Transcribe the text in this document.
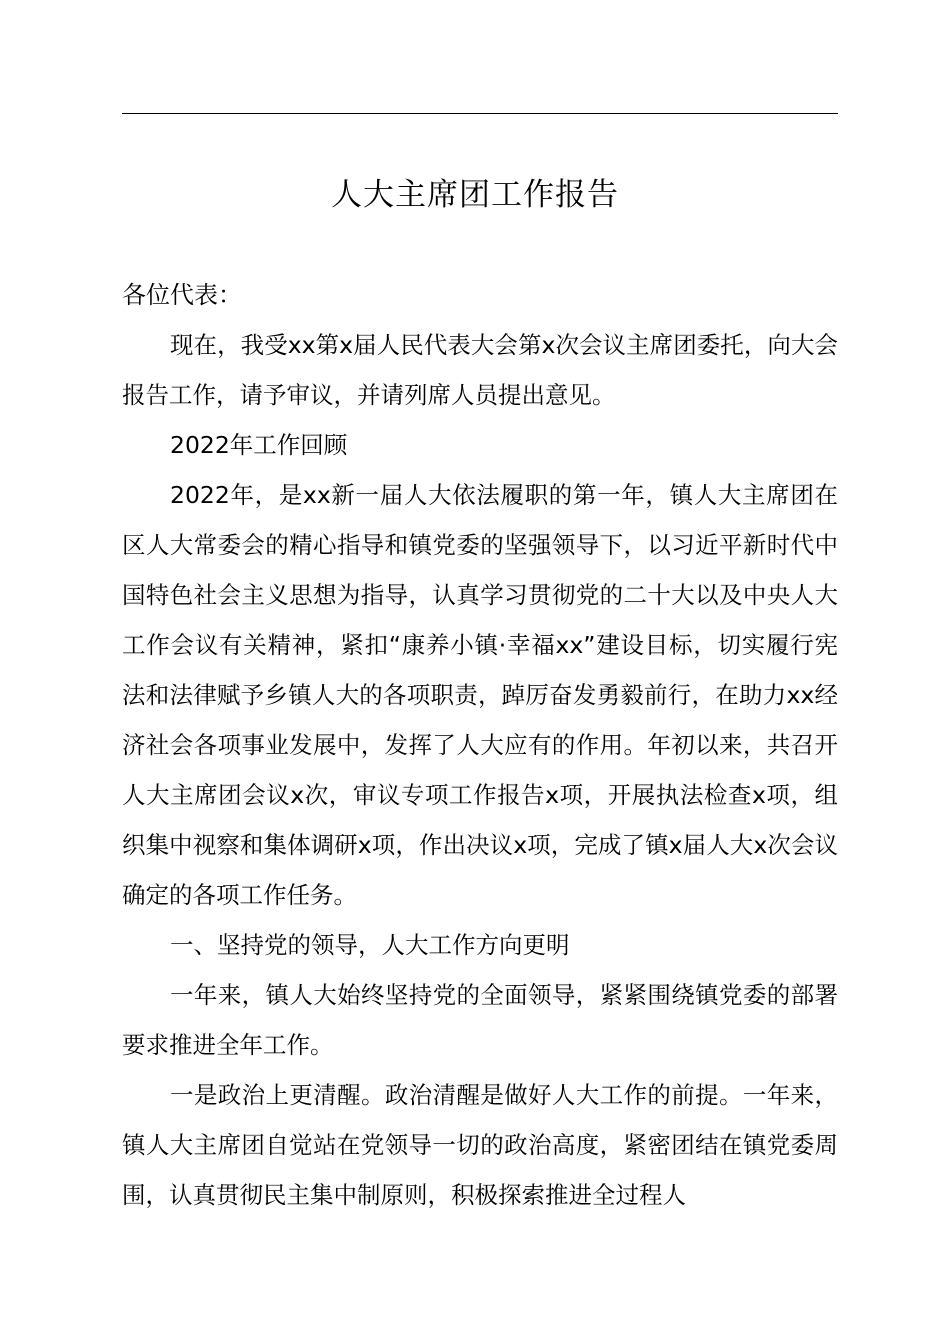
人大主席团工作报告

各位代表：

现在，我受xx第x届人民代表大会第x次会议主席团委托，向大会报告工作，请予审议，并请列席人员提出意见。

2022年工作回顾

2022年，是xx新一届人大依法履职的第一年，镇人大主席团在区人大常委会的精心指导和镇党委的坚强领导下，以习近平新时代中国特色社会主义思想为指导，认真学习贯彻党的二十大以及中央人大工作会议有关精神，紧扣“康养小镇·幸福xx”建设目标，切实履行宪法和法律赋予乡镇人大的各项职责，踔厉奋发勇毅前行，在助力xx经济社会各项事业发展中，发挥了人大应有的作用。年初以来，共召开人大主席团会议x次，审议专项工作报告x项，开展执法检查x项，组织集中视察和集体调研x项，作出决议x项，完成了镇x届人大x次会议确定的各项工作任务。

一、坚持党的领导，人大工作方向更明

一年来，镇人大始终坚持党的全面领导，紧紧围绕镇党委的部署要求推进全年工作。

一是政治上更清醒。政治清醒是做好人大工作的前提。一年来，镇人大主席团自觉站在党领导一切的政治高度，紧密团结在镇党委周围，认真贯彻民主集中制原则，积极探索推进全过程人
